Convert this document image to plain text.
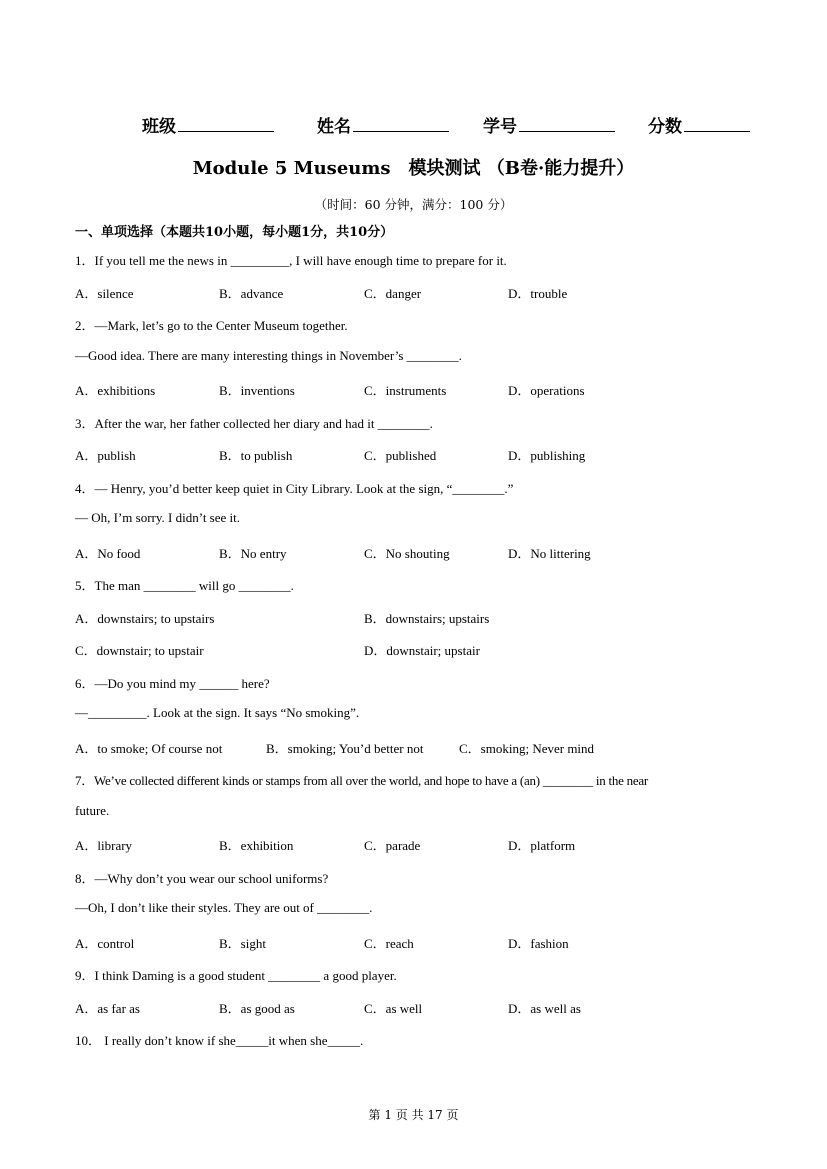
班级	姓名	学号	分数
Module 5 Museums　模块测试 （B卷·能力提升）
（时间：60 分钟，满分：100 分）
一、单项选择（本题共10小题，每小题1分，共10分）
1．If you tell me the news in _________, I will have enough time to prepare for it.
A．silence	B．advance	C．danger	D．trouble
2．—Mark, let’s go to the Center Museum together.
—Good idea. There are many interesting things in November’s ________.
A．exhibitions	B．inventions	C．instruments	D．operations
3．After the war, her father collected her diary and had it ________.
A．publish	B．to publish	C．published	D．publishing
4．— Henry, you’d better keep quiet in City Library. Look at the sign, “________.”
— Oh, I’m sorry. I didn’t see it.
A．No food	B．No entry	C．No shouting	D．No littering
5．The man ________ will go ________.
A．downstairs; to upstairs	B．downstairs; upstairs
C．downstair; to upstair	D．downstair; upstair
6．—Do you mind my ______ here?
—_________. Look at the sign. It says “No smoking”.
A．to smoke; Of course not	B．smoking; You’d better not	C．smoking; Never mind
7．We’ve collected different kinds or stamps from all over the world, and hope to have a (an) ________ in the near
future.
A．library	B．exhibition	C．parade	D．platform
8．—Why don’t you wear our school uniforms?
—Oh, I don’t like their styles. They are out of ________.
A．control	B．sight	C．reach	D．fashion
9．I think Daming is a good student ________ a good player.
A．as far as	B．as good as	C．as well	D．as well as
10． I really don’t know if she_____it when she_____.
第 1 页 共 17 页
